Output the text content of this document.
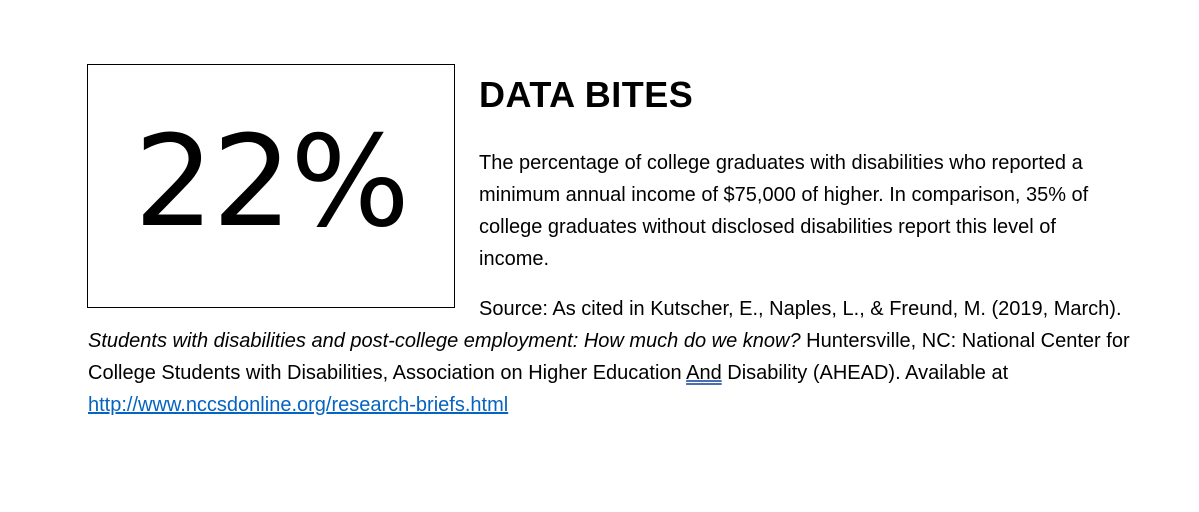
22%
DATA BITES

The percentage of college graduates with disabilities who reported a minimum annual income of $75,000 of higher. In comparison, 35% of college graduates without disclosed disabilities report this level of income.

Source: As cited in Kutscher, E., Naples, L., & Freund, M. (2019, March). Students with disabilities and post-college employment: How much do we know? Huntersville, NC: National Center for College Students with Disabilities, Association on Higher Education And Disability (AHEAD). Available at http://www.nccsdonline.org/research-briefs.html
